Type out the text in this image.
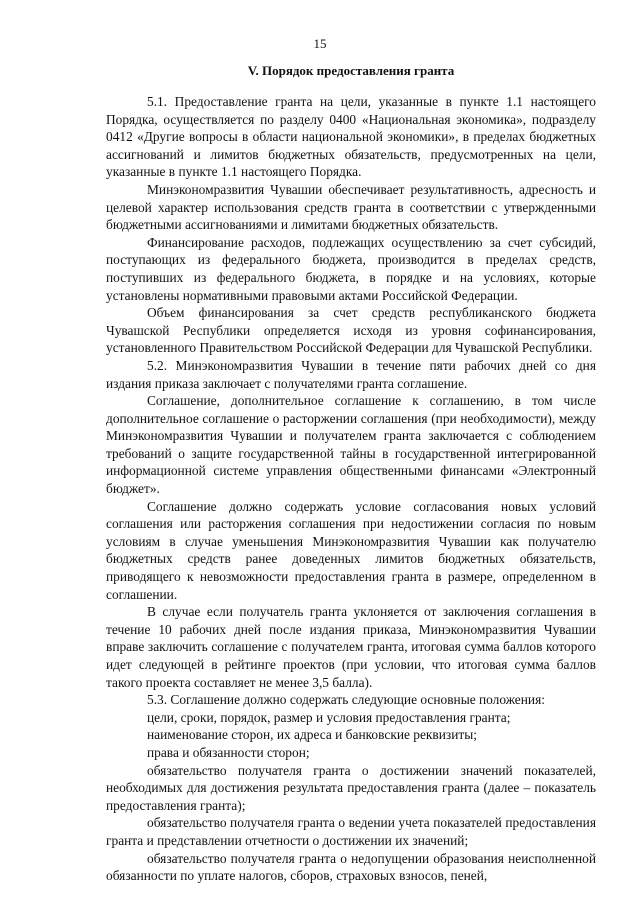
15
V. Порядок предоставления гранта

5.1. Предоставление гранта на цели, указанные в пункте 1.1 настоящего Порядка, осуществляется по разделу 0400 «Национальная экономика», подразделу 0412 «Другие вопросы в области национальной экономики», в пределах бюджетных ассигнований и лимитов бюджетных обязательств, предусмотренных на цели, указанные в пункте 1.1 настоящего Порядка.

Минэкономразвития Чувашии обеспечивает результативность, адресность и целевой характер использования средств гранта в соответствии с утвержденными бюджетными ассигнованиями и лимитами бюджетных обязательств.

Финансирование расходов, подлежащих осуществлению за счет субсидий, поступающих из федерального бюджета, производится в пределах средств, поступивших из федерального бюджета, в порядке и на условиях, которые установлены нормативными правовыми актами Российской Федерации.

Объем финансирования за счет средств республиканского бюджета Чувашской Республики определяется исходя из уровня софинансирования, установленного Правительством Российской Федерации для Чувашской Республики.

5.2. Минэкономразвития Чувашии в течение пяти рабочих дней со дня издания приказа заключает с получателями гранта соглашение.

Соглашение, дополнительное соглашение к соглашению, в том числе дополнительное соглашение о расторжении соглашения (при необходимости), между Минэкономразвития Чувашии и получателем гранта заключается с соблюдением требований о защите государственной тайны в государственной интегрированной информационной системе управления общественными финансами «Электронный бюджет».

Соглашение должно содержать условие согласования новых условий соглашения или расторжения соглашения при недостижении согласия по новым условиям в случае уменьшения Минэкономразвития Чувашии как получателю бюджетных средств ранее доведенных лимитов бюджетных обязательств, приводящего к невозможности предоставления гранта в размере, определенном в соглашении.

В случае если получатель гранта уклоняется от заключения соглашения в течение 10 рабочих дней после издания приказа, Минэкономразвития Чувашии вправе заключить соглашение с получателем гранта, итоговая сумма баллов которого идет следующей в рейтинге проектов (при условии, что итоговая сумма баллов такого проекта составляет не менее 3,5 балла).

5.3. Соглашение должно содержать следующие основные положения:

цели, сроки, порядок, размер и условия предоставления гранта;

наименование сторон, их адреса и банковские реквизиты;

права и обязанности сторон;

обязательство получателя гранта о достижении значений показателей, необходимых для достижения результата предоставления гранта (далее – показатель предоставления гранта);

обязательство получателя гранта о ведении учета показателей предоставления гранта и представлении отчетности о достижении их значений;

обязательство получателя гранта о недопущении образования неисполненной обязанности по уплате налогов, сборов, страховых взносов, пеней,
